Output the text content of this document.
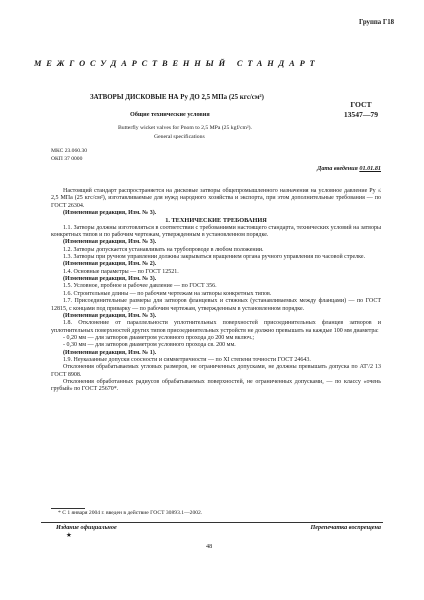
Группа Г18
МЕЖГОСУДАРСТВЕННЫЙ СТАНДАРТ
ЗАТВОРЫ ДИСКОВЫЕ НА Pу ДО 2,5 МПа (25 кгс/см²)
ГОСТ
13547—79
Общие технические условия
Butterfly wicket valves for Pnom to 2,5 MPa (25 kgf/cm²).
General specifications
МКС 23.060.30
ОКП 37 0000
Дата введения 01.01.81

Настоящий стандарт распространяется на дисковые затворы общепромышленного назначения на условное давление Pу ≤ 2,5 МПа (25 кгс/см²), изготавливаемые для нужд народного хозяйства и экспорта, при этом дополнительные требования — по ГОСТ 26304.

(Измененная редакция, Изм. № 3).

1. ТЕХНИЧЕСКИЕ ТРЕБОВАНИЯ

1.1. Затворы должны изготовляться в соответствии с требованиями настоящего стандарта, технических условий на затворы конкретных типов и по рабочим чертежам, утвержденным в установленном порядке.

(Измененная редакция, Изм. № 3).

1.2. Затворы допускается устанавливать на трубопроводе в любом положении.

1.3. Затворы при ручном управлении должны закрываться вращением органа ручного управления по часовой стрелке.

(Измененная редакция, Изм. № 2).

1.4. Основные параметры — по ГОСТ 12521.

(Измененная редакция, Изм. № 3).

1.5. Условное, пробное и рабочее давление — по ГОСТ 356.

1.6. Строительные длины — по рабочим чертежам на затворы конкретных типов.

1.7. Присоединительные размеры для затворов фланцевых и стяжных (устанавливаемых между фланцами) — по ГОСТ 12815, с концами под приварку — по рабочим чертежам, утвержденным в установленном порядке.

(Измененная редакция, Изм. № 3).

1.8. Отклонение от параллельности уплотнительных поверхностей присоединительных фланцев затворов и уплотнительных поверхностей других типов присоединительных устройств не должно превышать на каждые 100 мм диаметра:

- 0,20 мм — для затворов диаметром условного прохода до 200 мм включ.;

- 0,30 мм — для затворов диаметром условного прохода св. 200 мм.

(Измененная редакция, Изм. № 1).

1.9. Неуказанные допуски соосности и симметричности — по XI степени точности ГОСТ 24643.

Отклонения обрабатываемых угловых размеров, не ограниченных допусками, не должны превышать допуска по AT′/2 13 ГОСТ 8908.

Отклонения обработанных радиусов обрабатываемых поверхностей, не ограниченных допусками, — по классу «очень грубый» по ГОСТ 25670*.

* С 1 января 2004 г. введен в действие ГОСТ 30893.1—2002.
Издание официальное
★
Перепечатка воспрещена
48
